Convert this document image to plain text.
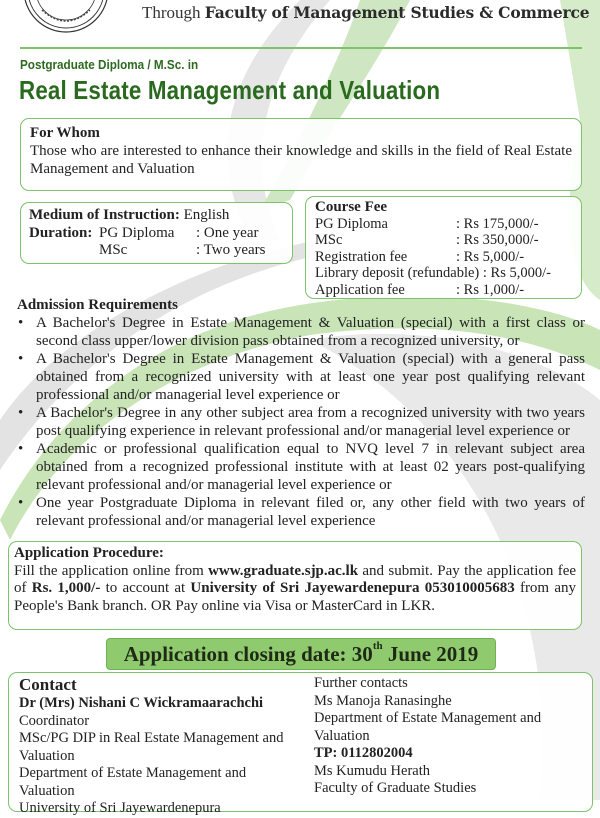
Through Faculty of Management Studies & Commerce
Postgraduate Diploma / M.Sc. in
Real Estate Management and Valuation
For Whom
Those who are interested to enhance their knowledge and skills in the field of Real Estate Management and Valuation
Medium of Instruction: English
Duration:	PG Diploma	: One year
	MSc	: Two years
Course Fee
PG Diploma	: Rs 175,000/-
MSc	: Rs 350,000/-
Registration fee	: Rs 5,000/-
Library deposit (refundable) : Rs 5,000/-
Application fee	: Rs 1,000/-
Admission Requirements
• A Bachelor's Degree in Estate Management & Valuation (special) with a first class or second class upper/lower division pass obtained from a recognized university, or
• A Bachelor's Degree in Estate Management & Valuation (special) with a general pass obtained from a recognized university with at least one year post qualifying relevant professional and/or managerial level experience or
• A Bachelor's Degree in any other subject area from a recognized university with two years post qualifying experience in relevant professional and/or managerial level experience or
• Academic or professional qualification equal to NVQ level 7 in relevant subject area obtained from a recognized professional institute with at least 02 years post-qualifying relevant professional and/or managerial level experience or
• One year Postgraduate Diploma in relevant filed or, any other field with two years of relevant professional and/or managerial level experience
Application Procedure:
Fill the application online from www.graduate.sjp.ac.lk and submit. Pay the application fee of Rs. 1,000/- to account at University of Sri Jayewardenepura 053010005683 from any People's Bank branch. OR Pay online via Visa or MasterCard in LKR.
Application closing date: 30th June 2019
Contact
Dr (Mrs) Nishani C Wickramaarachchi
Coordinator
MSc/PG DIP in Real Estate Management and Valuation
Department of Estate Management and Valuation
University of Sri Jayewardenepura
Further contacts
Ms Manoja Ranasinghe
Department of Estate Management and Valuation
TP: 0112802004
Ms Kumudu Herath
Faculty of Graduate Studies
